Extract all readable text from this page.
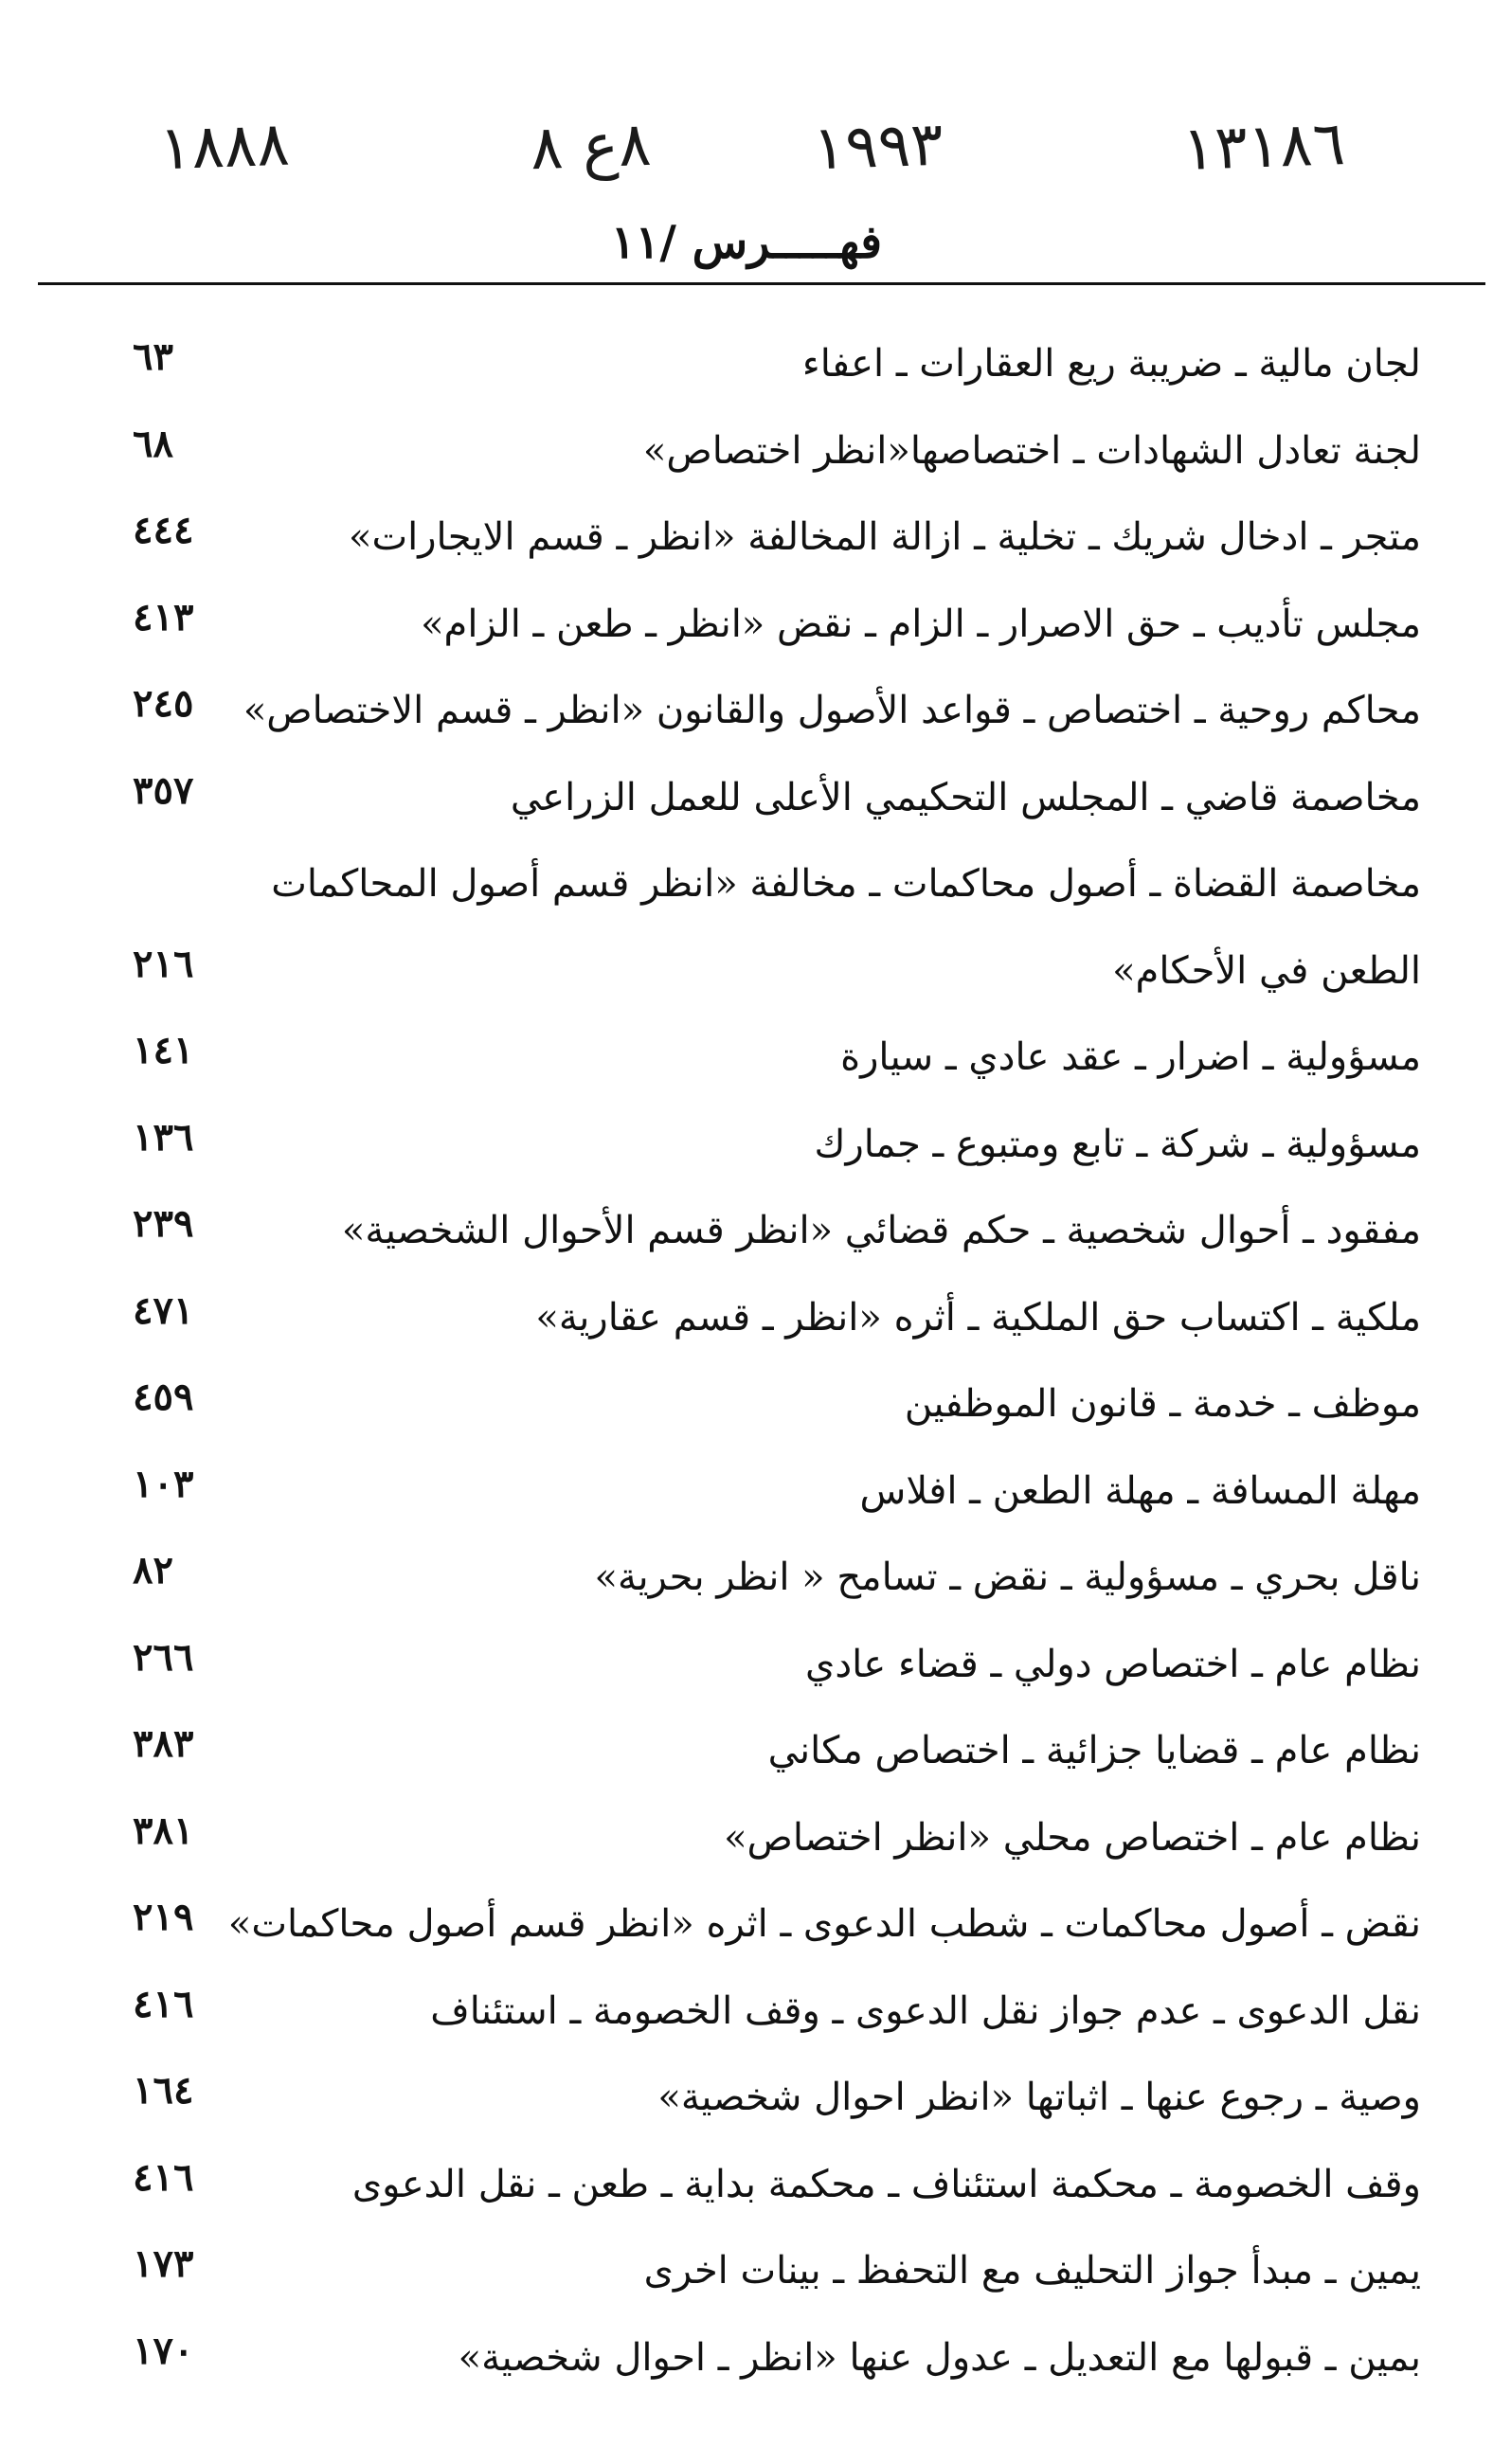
١٨٨٨	٨ع ٨	١٩٩٣	١٣١٨٦
فهـــــرس /١١
٦٣	لجان مالية ـ ضريبة ريع العقارات ـ اعفاء
٦٨	لجنة تعادل الشهادات ـ اختصاصها«انظر اختصاص»
٤٤٤	متجر ـ ادخال شريك ـ تخلية ـ ازالة المخالفة «انظر ـ قسم الايجارات»
٤١٣	مجلس تأديب ـ حق الاصرار ـ الزام ـ نقض «انظر ـ طعن ـ الزام»
٢٤٥ محاكم روحية ـ اختصاص ـ قواعد الأصول والقانون «انظر ـ قسم الاختصاص»
٣٥٧	مخاصمة قاضي ـ المجلس التحكيمي الأعلى للعمل الزراعي
مخاصمة القضاة ـ أصول محاكمات ـ مخالفة «انظر قسم أصول المحاكمات
٢١٦	الطعن في الأحكام»
١٤١	مسؤولية ـ اضرار ـ عقد عادي ـ سيارة
١٣٦	مسؤولية ـ شركة ـ تابع ومتبوع ـ جمارك
٢٣٩	مفقود ـ أحوال شخصية ـ حكم قضائي «انظر قسم الأحوال الشخصية»
٤٧١	ملكية ـ اكتساب حق الملكية ـ أثره «انظر ـ قسم عقارية»
٤٥٩	موظف ـ خدمة ـ قانون الموظفين
١٠٣	مهلة المسافة ـ مهلة الطعن ـ افلاس
٨٢	ناقل بحري ـ مسؤولية ـ نقض ـ تسامح « انظر بحرية»
٢٦٦	نظام عام ـ اختصاص دولي ـ قضاء عادي
٣٨٣	نظام عام ـ قضايا جزائية ـ اختصاص مكاني
٣٨١	نظام عام ـ اختصاص محلي «انظر اختصاص»
٢١٩ نقض ـ أصول محاكمات ـ شطب الدعوى ـ اثره «انظر قسم أصول محاكمات»
٤١٦	نقل الدعوى ـ عدم جواز نقل الدعوى ـ وقف الخصومة ـ استئناف
١٦٤	وصية ـ رجوع عنها ـ اثباتها «انظر احوال شخصية»
٤١٦	وقف الخصومة ـ محكمة استئناف ـ محكمة بداية ـ طعن ـ نقل الدعوى
١٧٣	يمين ـ مبدأ جواز التحليف مع التحفظ ـ بينات اخرى
١٧٠	بمين ـ قبولها مع التعديل ـ عدول عنها «انظر ـ احوال شخصية»
